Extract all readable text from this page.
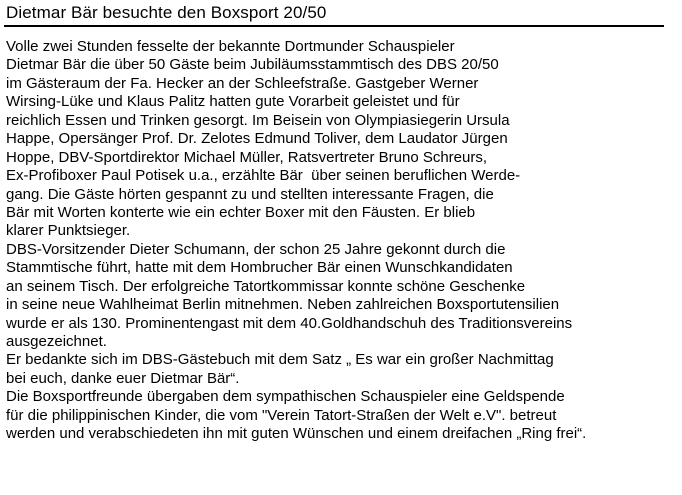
Dietmar Bär besuchte den Boxsport 20/50
Volle zwei Stunden fesselte der bekannte Dortmunder Schauspieler
Dietmar Bär die über 50 Gäste beim Jubiläumsstammtisch des DBS 20/50
im Gästeraum der Fa. Hecker an der Schleefstraße. Gastgeber Werner
Wirsing-Lüke und Klaus Palitz hatten gute Vorarbeit geleistet und für
reichlich Essen und Trinken gesorgt. Im Beisein von Olympiasiegerin Ursula
Happe, Opersänger Prof. Dr. Zelotes Edmund Toliver, dem Laudator Jürgen
Hoppe, DBV-Sportdirektor Michael Müller, Ratsvertreter Bruno Schreurs,
Ex-Profiboxer Paul Potisek u.a., erzählte Bär  über seinen beruflichen Werde-
gang. Die Gäste hörten gespannt zu und stellten interessante Fragen, die
Bär mit Worten konterte wie ein echter Boxer mit den Fäusten. Er blieb
klarer Punktsieger.
DBS-Vorsitzender Dieter Schumann, der schon 25 Jahre gekonnt durch die
Stammtische führt, hatte mit dem Hombrucher Bär einen Wunschkandidaten
an seinem Tisch. Der erfolgreiche Tatortkommissar konnte schöne Geschenke
in seine neue Wahlheimat Berlin mitnehmen. Neben zahlreichen Boxsportutensilien
wurde er als 130. Prominentengast mit dem 40.Goldhandschuh des Traditionsvereins
ausgezeichnet.
Er bedankte sich im DBS-Gästebuch mit dem Satz „ Es war ein großer Nachmittag
bei euch, danke euer Dietmar Bär“.
Die Boxsportfreunde übergaben dem sympathischen Schauspieler eine Geldspende
für die philippinischen Kinder, die vom "Verein Tatort-Straßen der Welt e.V". betreut
werden und verabschiedeten ihn mit guten Wünschen und einem dreifachen „Ring frei“.
